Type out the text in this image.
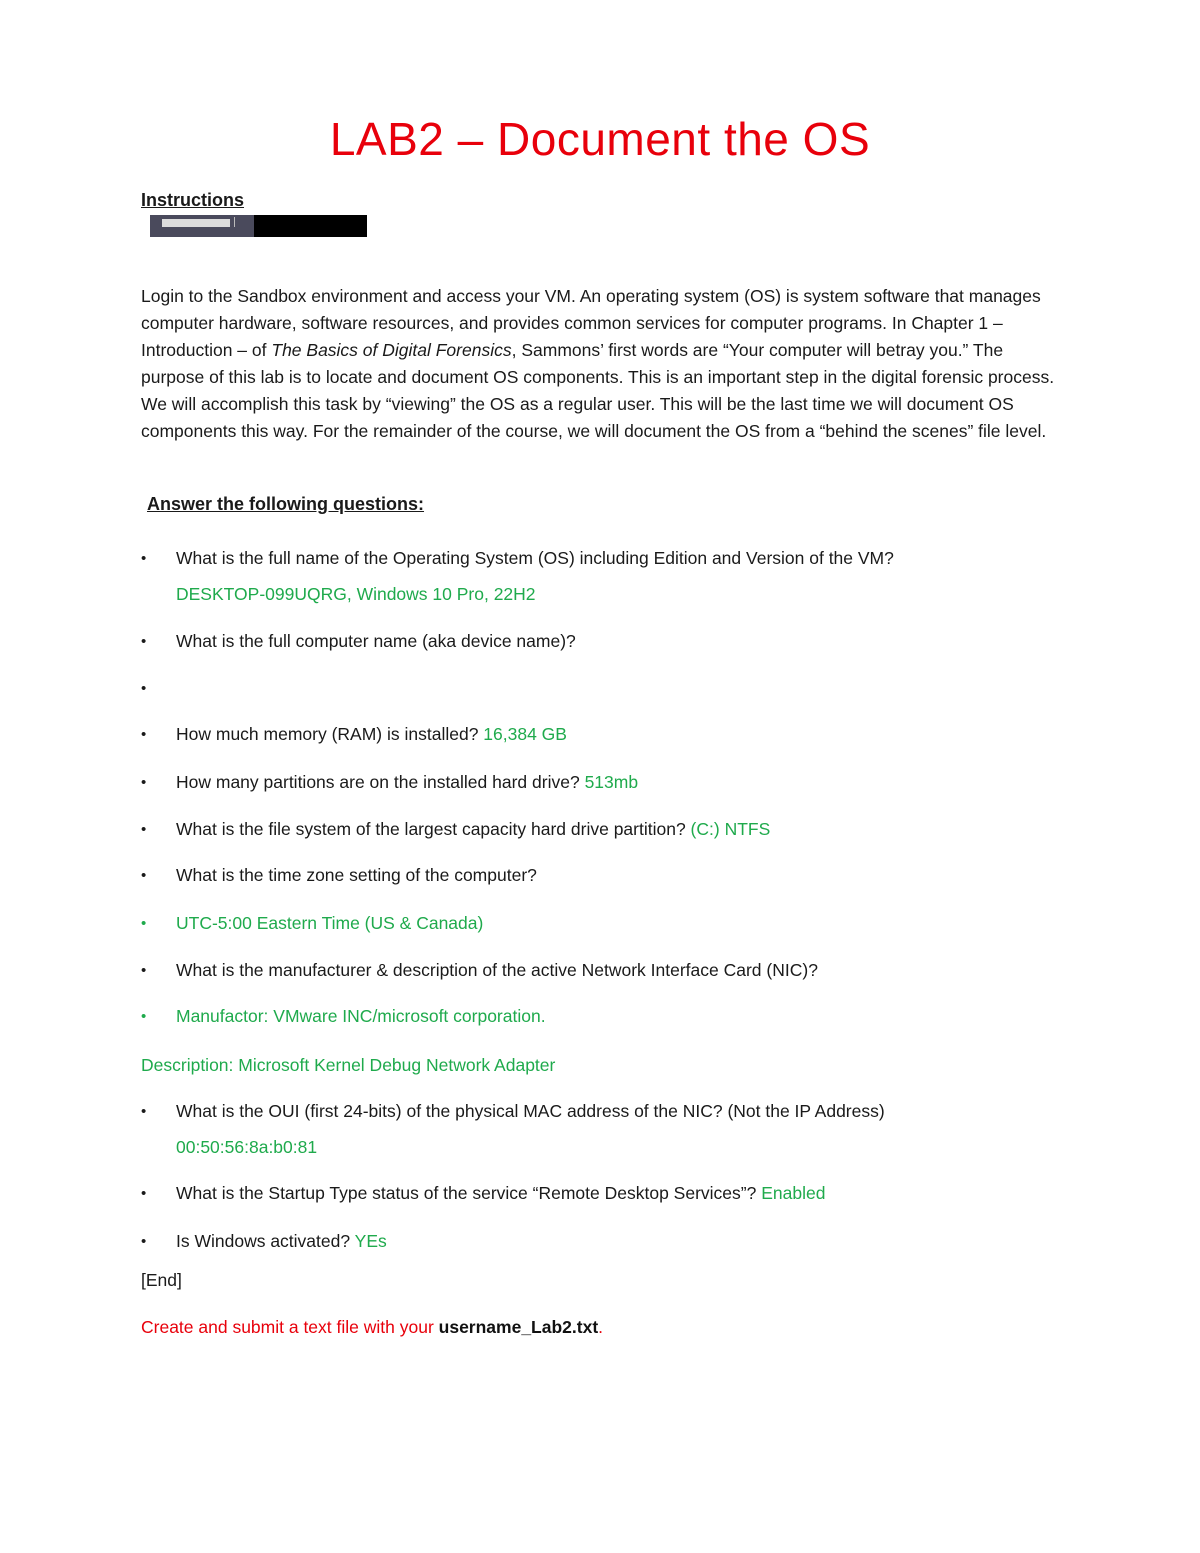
LAB2 – Document the OS
Instructions

Login to the Sandbox environment and access your VM. An operating system (OS) is system software that manages computer hardware, software resources, and provides common services for computer programs. In Chapter 1 – Introduction – of The Basics of Digital Forensics, Sammons’ first words are “Your computer will betray you.” The purpose of this lab is to locate and document OS components. This is an important step in the digital forensic process. We will accomplish this task by “viewing” the OS as a regular user. This will be the last time we will document OS components this way. For the remainder of the course, we will document the OS from a “behind the scenes” file level.

Answer the following questions:
•
What is the full name of the Operating System (OS) including Edition and Version of the VM?
DESKTOP-099UQRG, Windows 10 Pro, 22H2
•
What is the full computer name (aka device name)?
•
•
How much memory (RAM) is installed? 16,384 GB
•
How many partitions are on the installed hard drive? 513mb
•
What is the file system of the largest capacity hard drive partition? (C:) NTFS
•
What is the time zone setting of the computer?
•
UTC-5:00 Eastern Time (US & Canada)
•
What is the manufacturer & description of the active Network Interface Card (NIC)?
•
Manufactor: VMware INC/microsoft corporation.
Description: Microsoft Kernel Debug Network Adapter
•
What is the OUI (first 24-bits) of the physical MAC address of the NIC? (Not the IP Address)
00:50:56:8a:b0:81
•
What is the Startup Type status of the service “Remote Desktop Services”? Enabled
•
Is Windows activated? YEs
[End]
Create and submit a text file with your username_Lab2.txt.
